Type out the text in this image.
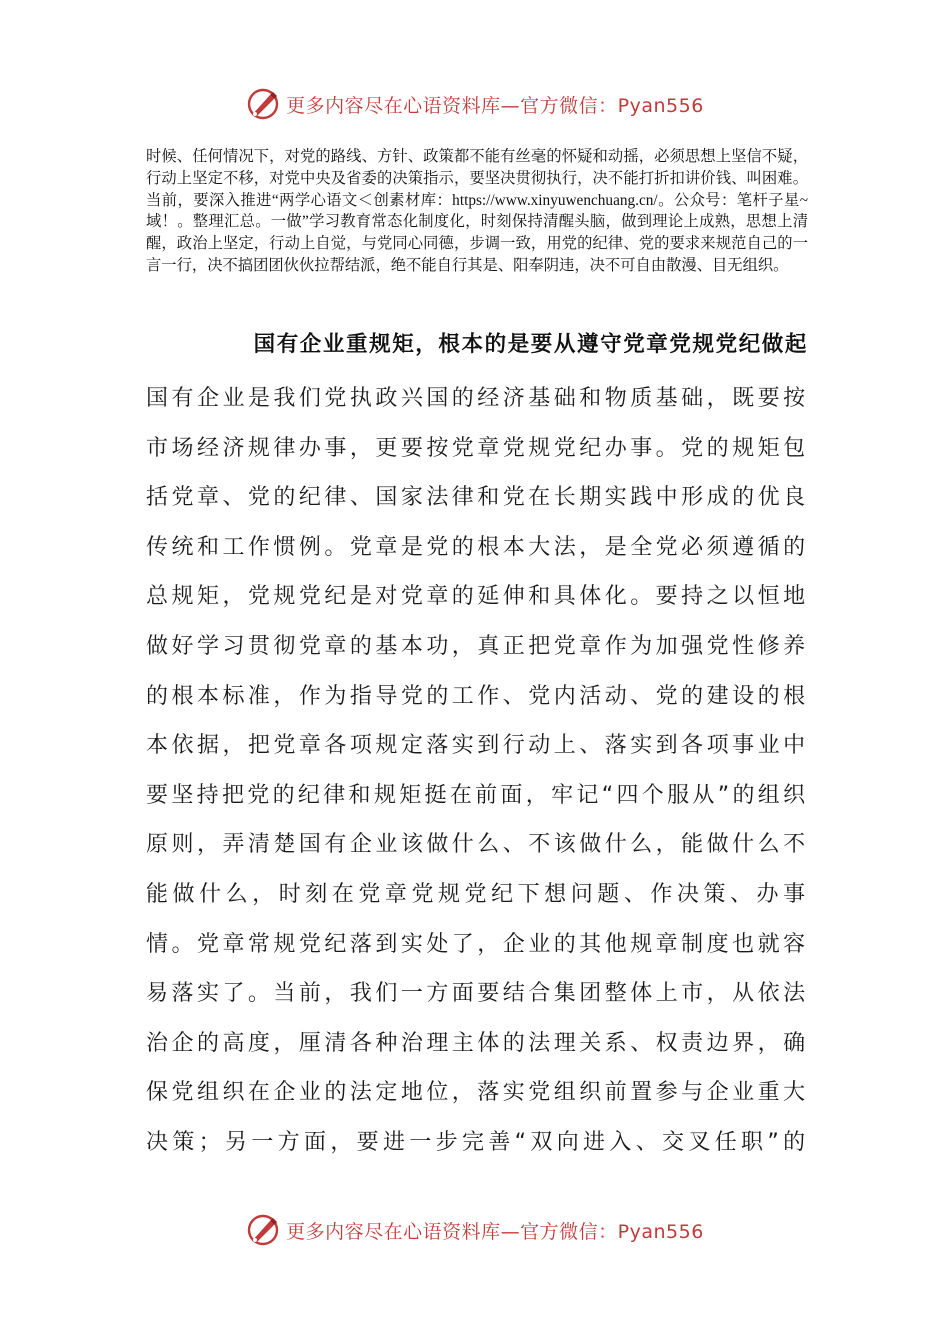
更多内容尽在心语资料库—官方微信：Pyan556

时候、任何情况下，对党的路线、方针、政策都不能有丝毫的怀疑和动摇，必须思想上坚信不疑，行动上坚定不移，对党中央及省委的决策指示，要坚决贯彻执行，决不能打折扣讲价钱、叫困难。当前，要深入推进“两学心语文＜创素材库：https://www.xinyuwenchuang.cn/。公众号：笔杆子星~域！。整理汇总。一做”学习教育常态化制度化，时刻保持清醒头脑，做到理论上成熟，思想上清醒，政治上坚定，行动上自觉，与党同心同德，步调一致，用党的纪律、党的要求来规范自己的一言一行，决不搞团团伙伙拉帮结派，绝不能自行其是、阳奉阴违，决不可自由散漫、目无组织。

国有企业重规矩，根本的是要从遵守党章党规党纪做起

国有企业是我们党执政兴国的经济基础和物质基础，既要按市场经济规律办事，更要按党章党规党纪办事。党的规矩包括党章、党的纪律、国家法律和党在长期实践中形成的优良传统和工作惯例。党章是党的根本大法，是全党必须遵循的总规矩，党规党纪是对党章的延伸和具体化。要持之以恒地做好学习贯彻党章的基本功，真正把党章作为加强党性修养的根本标准，作为指导党的工作、党内活动、党的建设的根本依据，把党章各项规定落实到行动上、落实到各项事业中要坚持把党的纪律和规矩挺在前面，牢记“四个服从”的组织原则，弄清楚国有企业该做什么、不该做什么，能做什么不能做什么，时刻在党章党规党纪下想问题、作决策、办事情。党章常规党纪落到实处了，企业的其他规章制度也就容易落实了。当前，我们一方面要结合集团整体上市，从依法治企的高度，厘清各种治理主体的法理关系、权责边界，确保党组织在企业的法定地位，落实党组织前置参与企业重大决策；另一方面，要进一步完善“双向进入、交叉任职”的

更多内容尽在心语资料库—官方微信：Pyan556
